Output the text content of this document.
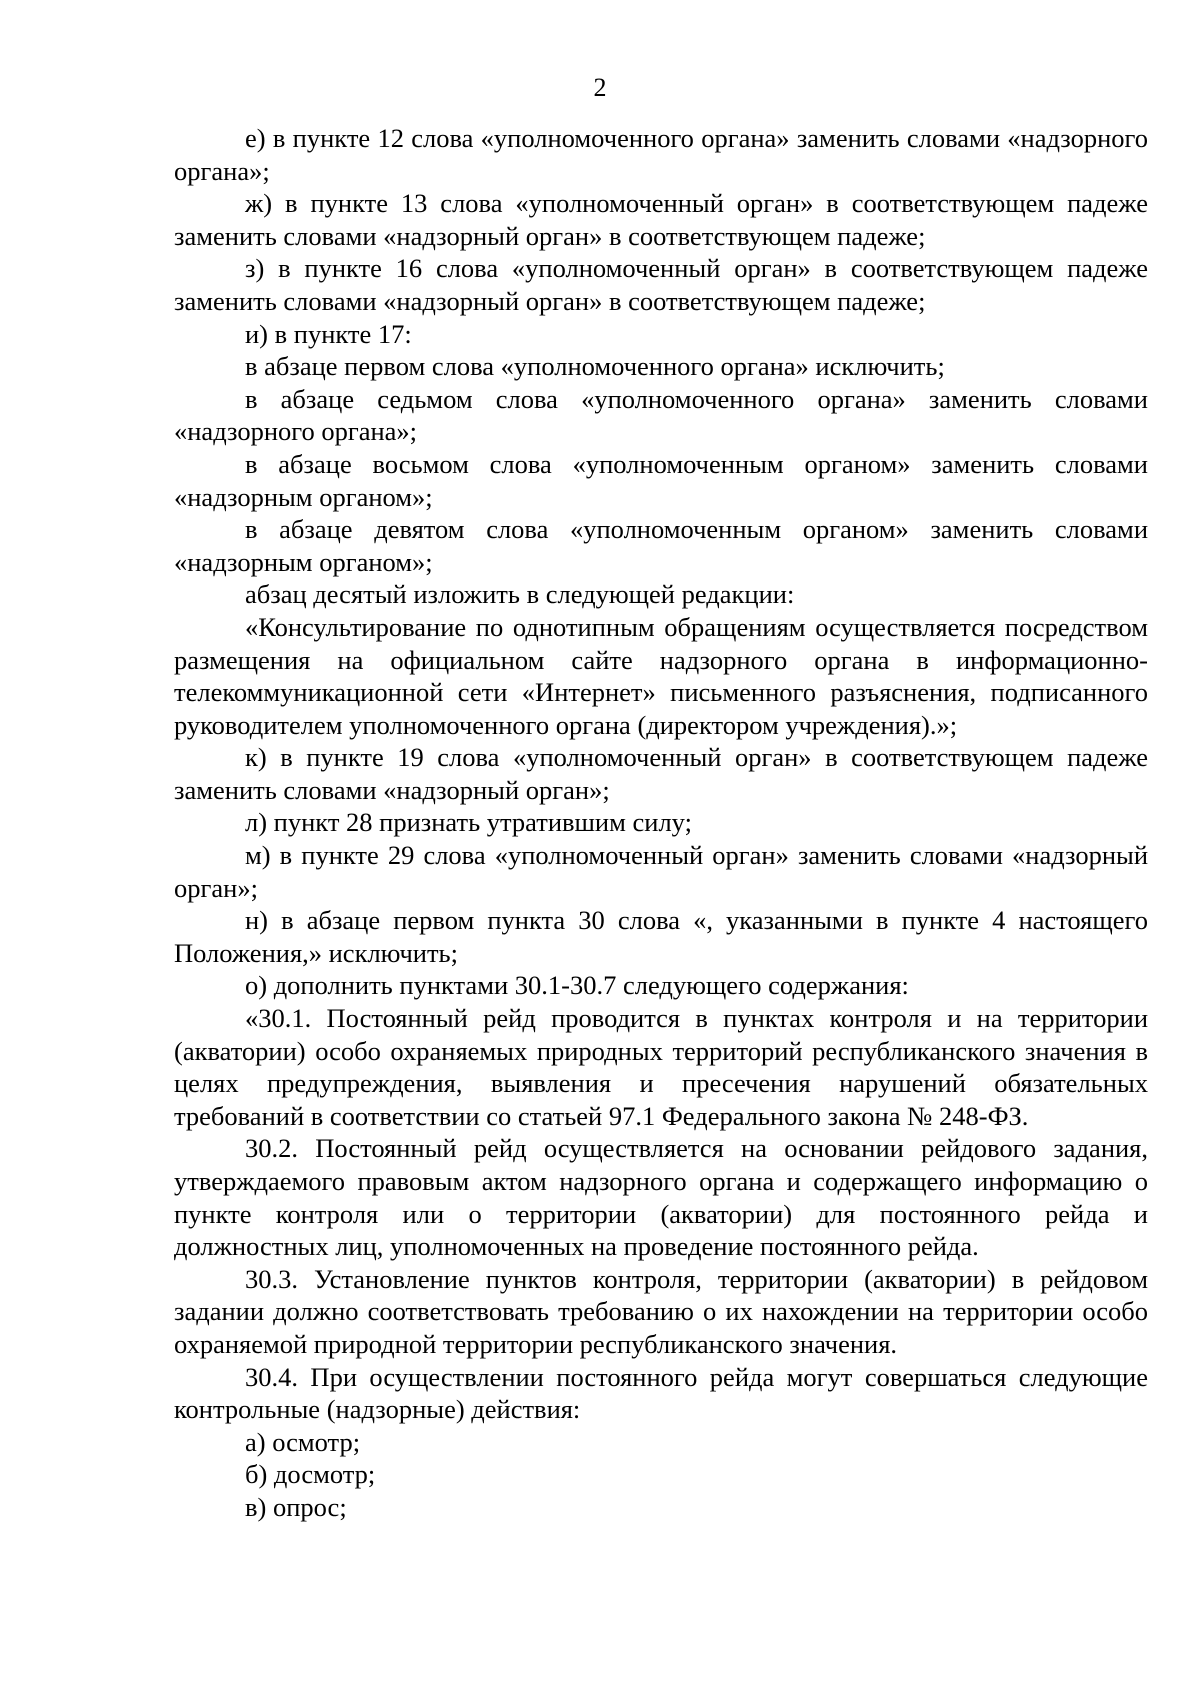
2

е) в пункте 12 слова «уполномоченного органа» заменить словами «надзорного органа»;

ж) в пункте 13 слова «уполномоченный орган» в соответствующем падеже заменить словами «надзорный орган» в соответствующем падеже;

з) в пункте 16 слова «уполномоченный орган» в соответствующем падеже заменить словами «надзорный орган» в соответствующем падеже;

и) в пункте 17:

в абзаце первом слова «уполномоченного органа» исключить;

в абзаце седьмом слова «уполномоченного органа» заменить словами «надзорного органа»;

в абзаце восьмом слова «уполномоченным органом» заменить словами «надзорным органом»;

в абзаце девятом слова «уполномоченным органом» заменить словами «надзорным органом»;

абзац десятый изложить в следующей редакции:

«Консультирование по однотипным обращениям осуществляется посредством размещения на официальном сайте надзорного органа в информационно-телекоммуникационной сети «Интернет» письменного разъяснения, подписанного руководителем уполномоченного органа (директором учреждения).»;

к) в пункте 19 слова «уполномоченный орган» в соответствующем падеже заменить словами «надзорный орган»;

л) пункт 28 признать утратившим силу;

м) в пункте 29 слова «уполномоченный орган» заменить словами «надзорный орган»;

н) в абзаце первом пункта 30 слова «, указанными в пункте 4 настоящего Положения,» исключить;

о) дополнить пунктами 30.1-30.7 следующего содержания:

«30.1. Постоянный рейд проводится в пунктах контроля и на территории (акватории) особо охраняемых природных территорий республиканского значения в целях предупреждения, выявления и пресечения нарушений обязательных требований в соответствии со статьей 97.1 Федерального закона № 248-ФЗ.

30.2. Постоянный рейд осуществляется на основании рейдового задания, утверждаемого правовым актом надзорного органа и содержащего информацию о пункте контроля или о территории (акватории) для постоянного рейда и должностных лиц, уполномоченных на проведение постоянного рейда.

30.3. Установление пунктов контроля, территории (акватории) в рейдовом задании должно соответствовать требованию о их нахождении на территории особо охраняемой природной территории республиканского значения.

30.4. При осуществлении постоянного рейда могут совершаться следующие контрольные (надзорные) действия:

а) осмотр;

б) досмотр;

в) опрос;
